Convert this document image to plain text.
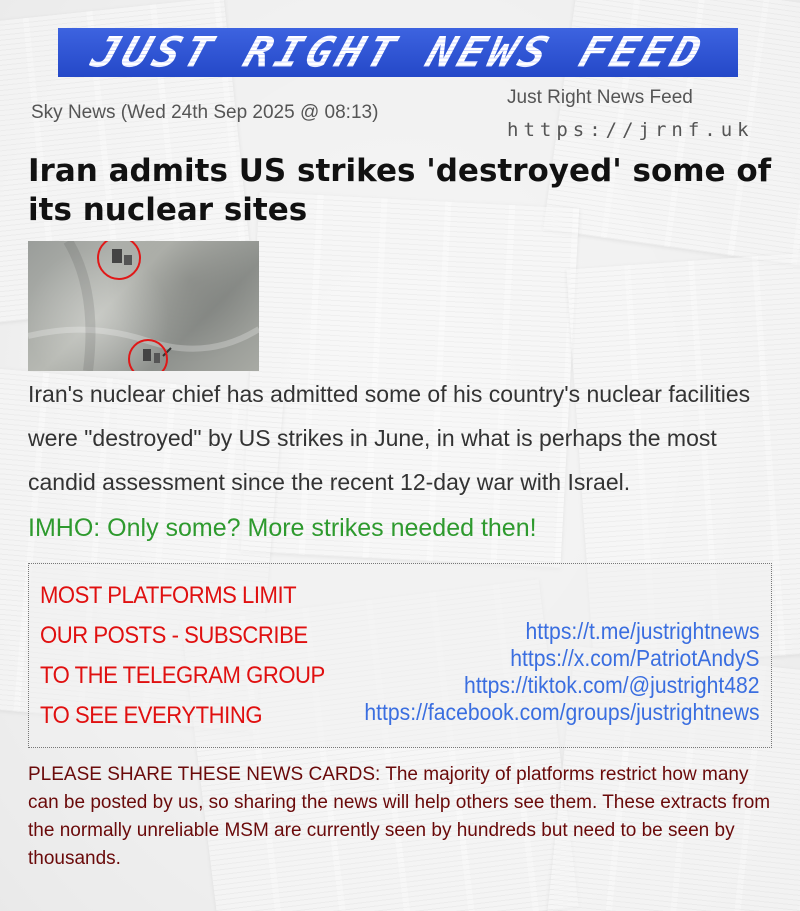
JUST RIGHT NEWS FEED
Sky News (Wed 24th Sep 2025 @ 08:13)
Just Right News Feed
https://jrnf.uk
Iran admits US strikes 'destroyed' some of its nuclear sites
Iran's nuclear chief has admitted some of his country's nuclear facilities were "destroyed" by US strikes in June, in what is perhaps the most candid assessment since the recent 12-day war with Israel.
IMHO: Only some? More strikes needed then!
MOST PLATFORMS LIMIT
OUR POSTS - SUBSCRIBE
TO THE TELEGRAM GROUP
TO SEE EVERYTHING
https://t.me/justrightnews
https://x.com/PatriotAndyS
https://tiktok.com/@justright482
https://facebook.com/groups/justrightnews
PLEASE SHARE THESE NEWS CARDS: The majority of platforms restrict how many can be posted by us, so sharing the news will help others see them. These extracts from the normally unreliable MSM are currently seen by hundreds but need to be seen by thousands.
